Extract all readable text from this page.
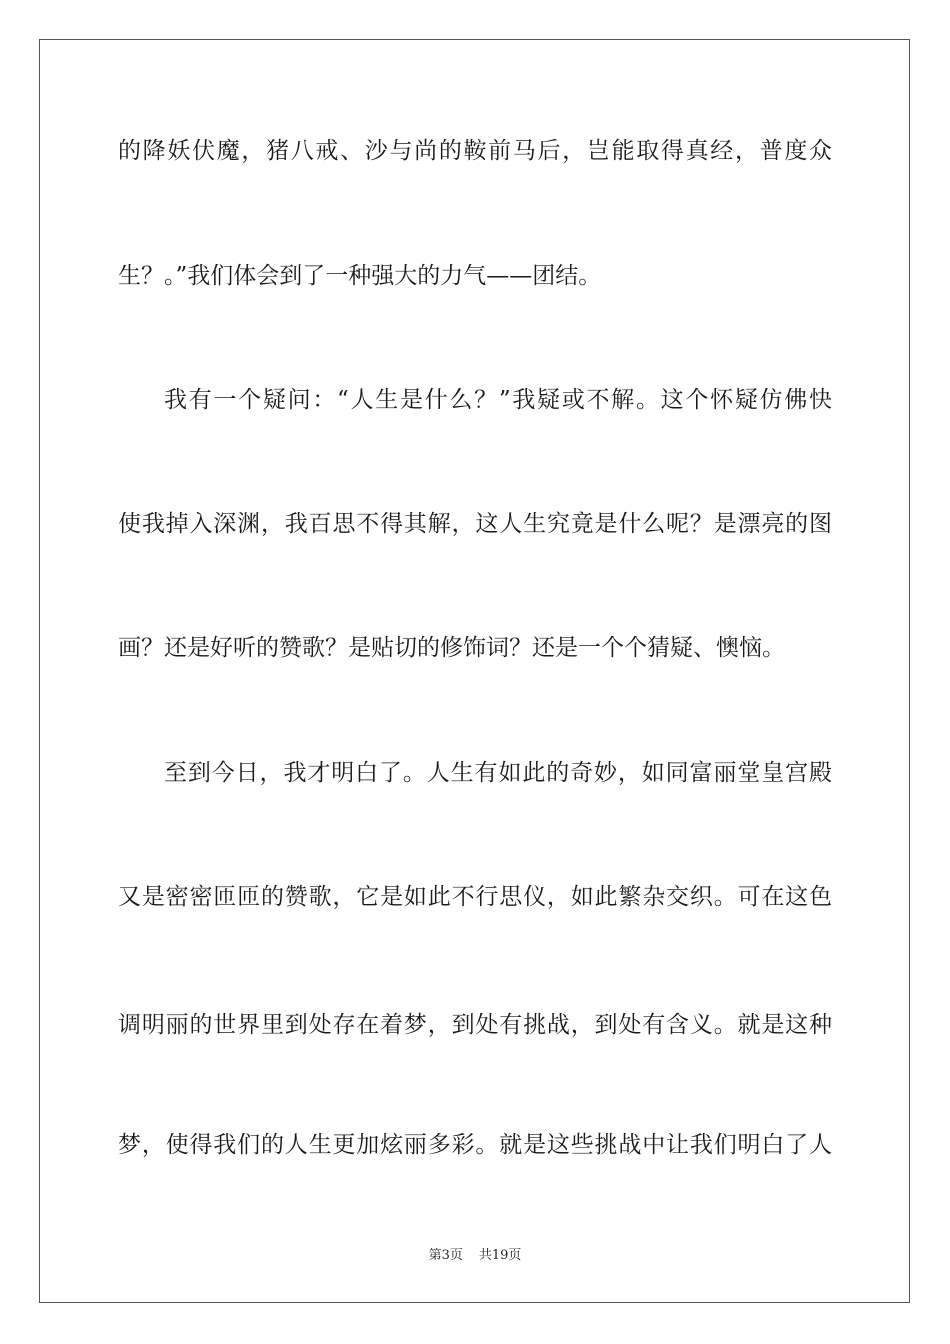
的降妖伏魔，猪八戒、沙与尚的鞍前马后，岂能取得真经，普度众
生？。”我们体会到了一种强大的力气——团结。
我有一个疑问：“人生是什么？”我疑或不解。这个怀疑仿佛快
使我掉入深渊，我百思不得其解，这人生究竟是什么呢？是漂亮的图
画？还是好听的赞歌？是贴切的修饰词？还是一个个猜疑、懊恼。
至到今日，我才明白了。人生有如此的奇妙，如同富丽堂皇宫殿
又是密密匝匝的赞歌，它是如此不行思仪，如此繁杂交织。可在这色
调明丽的世界里到处存在着梦，到处有挑战，到处有含义。就是这种
梦，使得我们的人生更加炫丽多彩。就是这些挑战中让我们明白了人
第3页 共19页
